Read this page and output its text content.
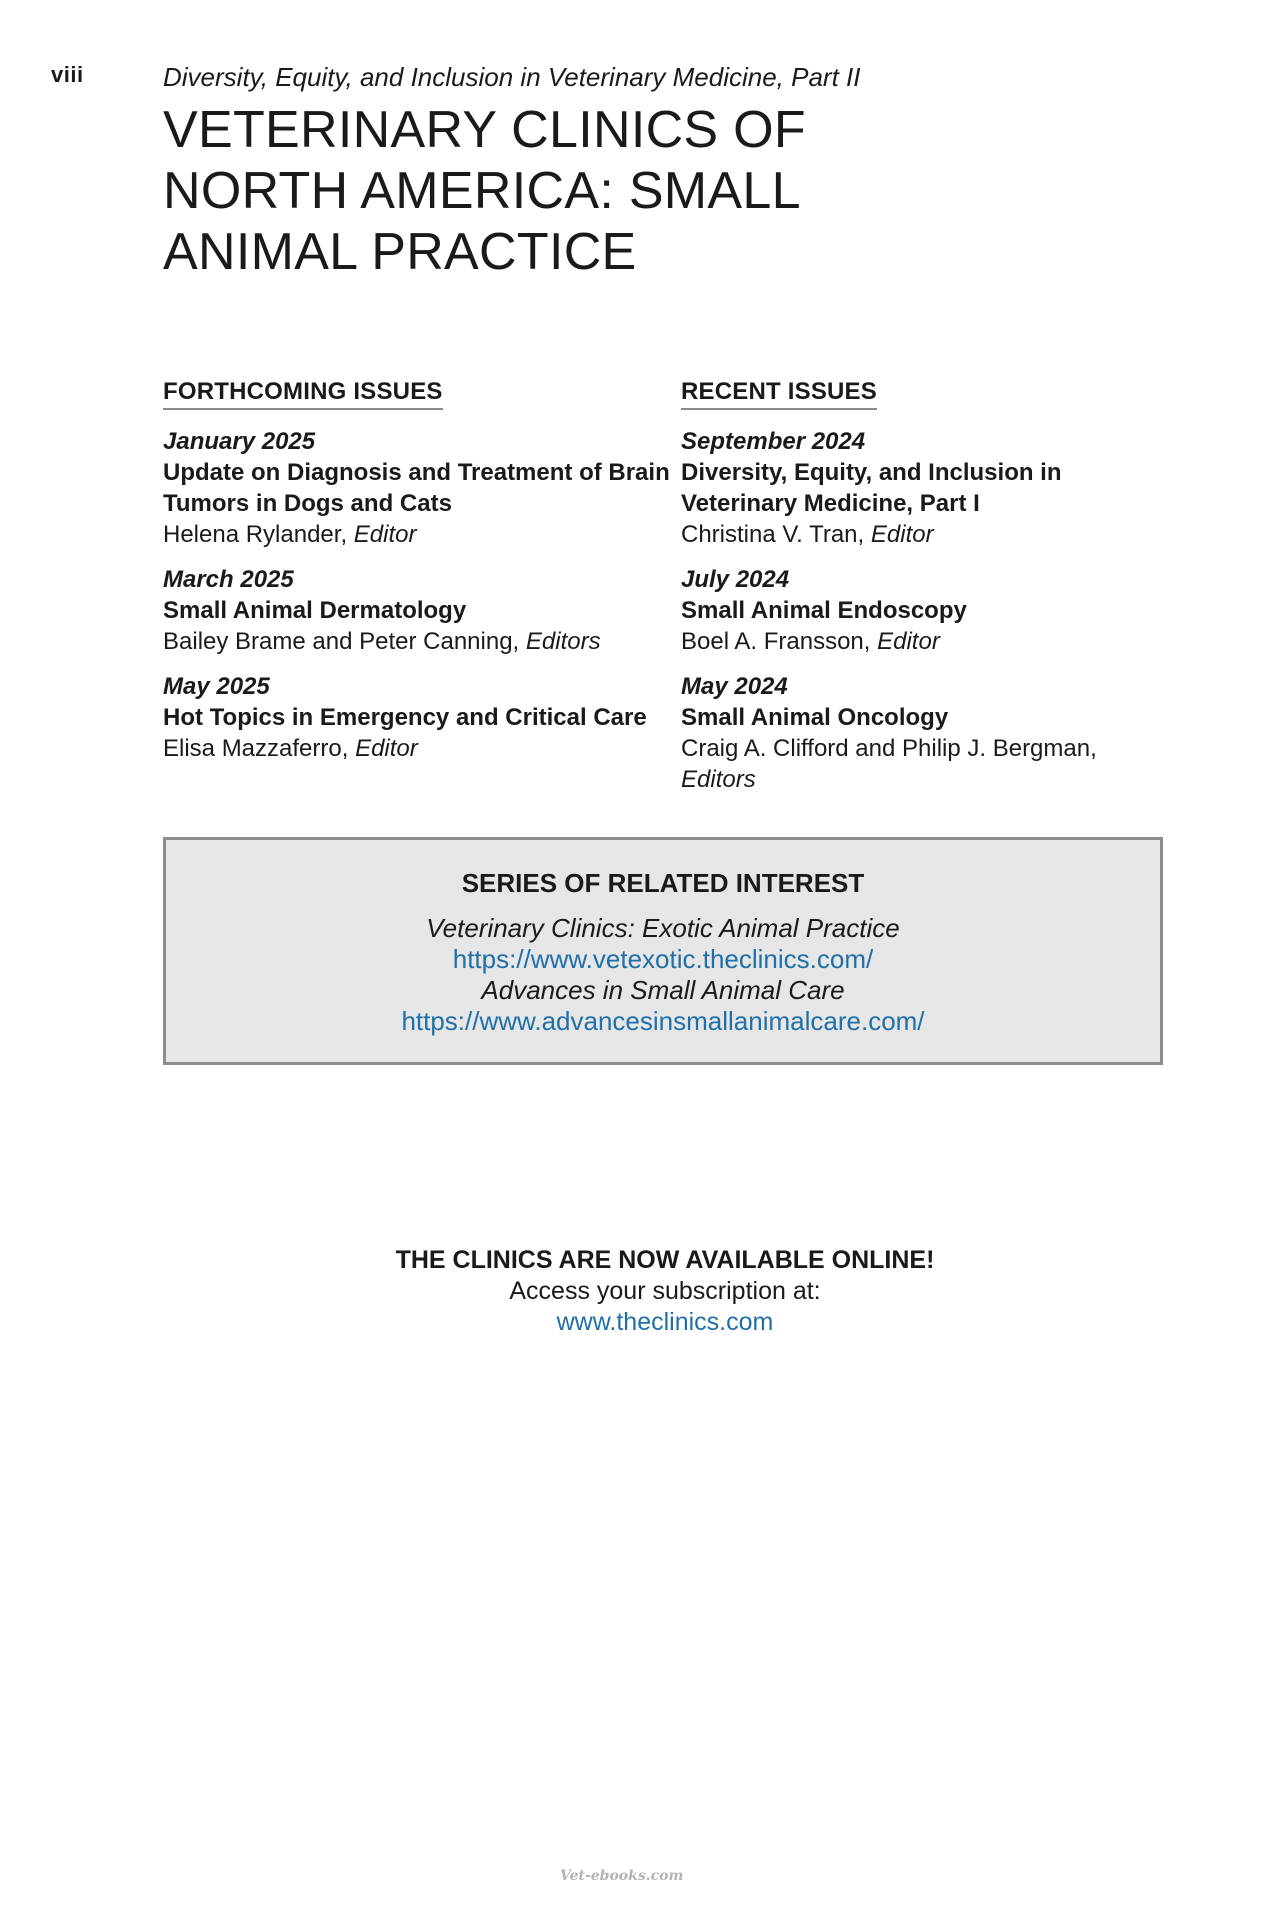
viii	Diversity, Equity, and Inclusion in Veterinary Medicine, Part II
VETERINARY CLINICS OF NORTH AMERICA: SMALL ANIMAL PRACTICE
FORTHCOMING ISSUES
January 2025
Update on Diagnosis and Treatment of Brain Tumors in Dogs and Cats
Helena Rylander, Editor
March 2025
Small Animal Dermatology
Bailey Brame and Peter Canning, Editors
May 2025
Hot Topics in Emergency and Critical Care
Elisa Mazzaferro, Editor
RECENT ISSUES
September 2024
Diversity, Equity, and Inclusion in Veterinary Medicine, Part I
Christina V. Tran, Editor
July 2024
Small Animal Endoscopy
Boel A. Fransson, Editor
May 2024
Small Animal Oncology
Craig A. Clifford and Philip J. Bergman, Editors
SERIES OF RELATED INTEREST
Veterinary Clinics: Exotic Animal Practice
https://www.vetexotic.theclinics.com/
Advances in Small Animal Care
https://www.advancesinsmallanimalcare.com/
THE CLINICS ARE NOW AVAILABLE ONLINE!
Access your subscription at:
www.theclinics.com
Vet-ebooks.com
